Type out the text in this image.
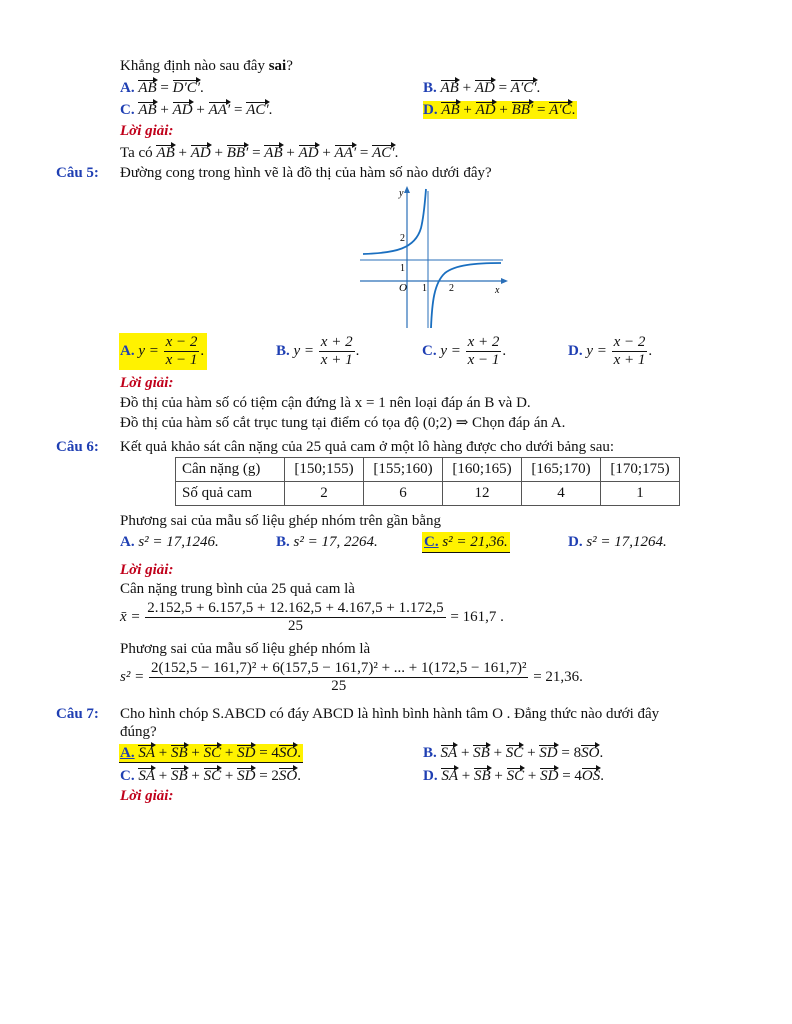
Khẳng định nào sau đây sai?
A. AB = D′C′.	B. AB + AD = A′C′.
C. AB + AD + AA′ = AC′.	D. AB + AD + BB′ = A′C.
Lời giải:
Ta có AB + AD + BB′ = AB + AD + AA′ = AC′.
Câu 5: Đường cong trong hình vẽ là đồ thị của hàm số nào dưới đây?
y
x
O 1 2
1
2
A. $y = \frac{x - 2}{x - 1}$ .	B. $y = \frac{x + 2}{x + 1}$ .	C. $y = \frac{x + 2}{x - 1}$ .	D. $y = \frac{x - 2}{x + 1}$ .
Lời giải:
Đồ thị của hàm số có tiệm cận đứng là x = 1 nên loại đáp án B và D.
Đồ thị của hàm số cắt trục tung tại điểm có tọa độ (0;2) ⇒ Chọn đáp án A.
Câu 6: Kết quả khảo sát cân nặng của 25 quả cam ở một lô hàng được cho dưới bảng sau:
Cân nặng (g)	[150;155)	[155;160)	[160;165)	[165;170)	[170;175)
Số quả cam	2	6	12	4	1
Phương sai của mẫu số liệu ghép nhóm trên gần bằng
A. s² = 17,1246.	B. s² = 17, 2264.	C. s² = 21,36.	D. s² = 17,1264.
Lời giải:
Cân nặng trung bình của 25 quả cam là
x̄ = $\frac{2.152,5 + 6.157,5 + 12.162,5 + 4.167,5 + 1.172,5}{25} = 161,7$ .
Phương sai của mẫu số liệu ghép nhóm là
s² =
2(152,5 − 161,7)² + 6(157,5 − 161,7)² + ... + 1(172,5 − 161,7)²
25
= 21,36.
Câu 7: Cho hình chóp S.ABCD có đáy ABCD là hình bình hành tâm O . Đẳng thức nào dưới đây
đúng?
A. SA + SB + SC + SD = 4SO.	B. SA + SB + SC + SD = 8SO.
C. SA + SB + SC + SD = 2SO.	D. SA + SB + SC + SD = 4OS.
Lời giải:
